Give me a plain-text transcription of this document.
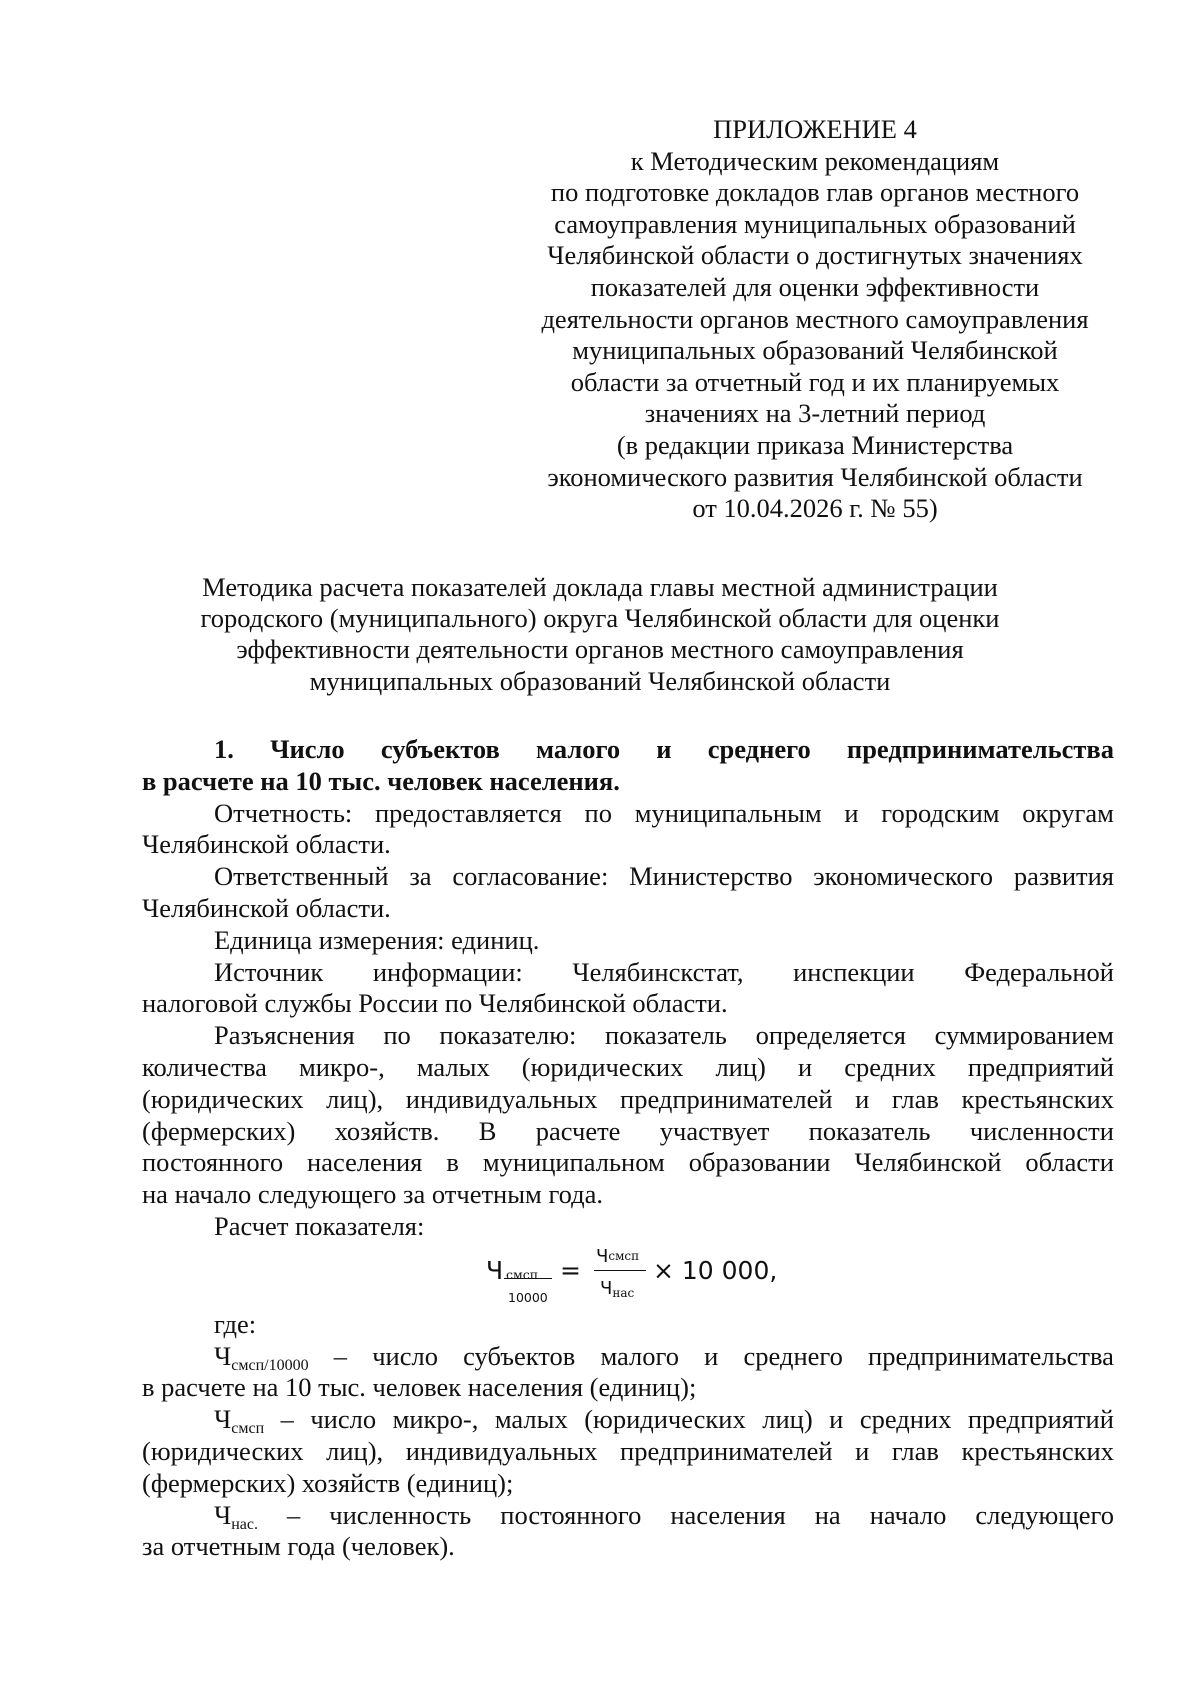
ПРИЛОЖЕНИЕ 4
к Методическим рекомендациям
по подготовке докладов глав органов местного
самоуправления муниципальных образований
Челябинской области о достигнутых значениях
показателей для оценки эффективности
деятельности органов местного самоуправления
муниципальных образований Челябинской
области за отчетный год и их планируемых
значениях на 3-летний период
(в редакции приказа Министерства
экономического развития Челябинской области
от 10.04.2026 г. № 55)
Методика расчета показателей доклада главы местной администрации
городского (муниципального) округа Челябинской области для оценки
эффективности деятельности органов местного самоуправления
муниципальных образований Челябинской области
1. Число субъектов малого и среднего предпринимательства
в расчете на 10 тыс. человек населения.
Отчетность: предоставляется по муниципальным и городским округам
Челябинской области.
Ответственный за согласование: Министерство экономического развития
Челябинской области.
Единица измерения: единиц.
Источник информации: Челябинскстат, инспекции Федеральной
налоговой службы России по Челябинской области.
Разъяснения по показателю: показатель определяется суммированием
количества микро-, малых (юридических лиц) и средних предприятий
(юридических лиц), индивидуальных предпринимателей и глав крестьянских
(фермерских) хозяйств. В расчете участвует показатель численности
постоянного населения в муниципальном образовании Челябинской области
на начало следующего за отчетным года.
Расчет показателя:
Ч смсп
10000
= Чсмсп
Чнас
× 10 000,
где:
$Ч_{смсп/10000}$ – число субъектов малого и среднего предпринимательства
в расчете на 10 тыс. человек населения (единиц);
$Ч_{смсп}$ – число микро-, малых (юридических лиц) и средних предприятий
(юридических лиц), индивидуальных предпринимателей и глав крестьянских
(фермерских) хозяйств (единиц);
$Ч_{нас.}$ – численность постоянного населения на начало следующего
за отчетным года (человек).
